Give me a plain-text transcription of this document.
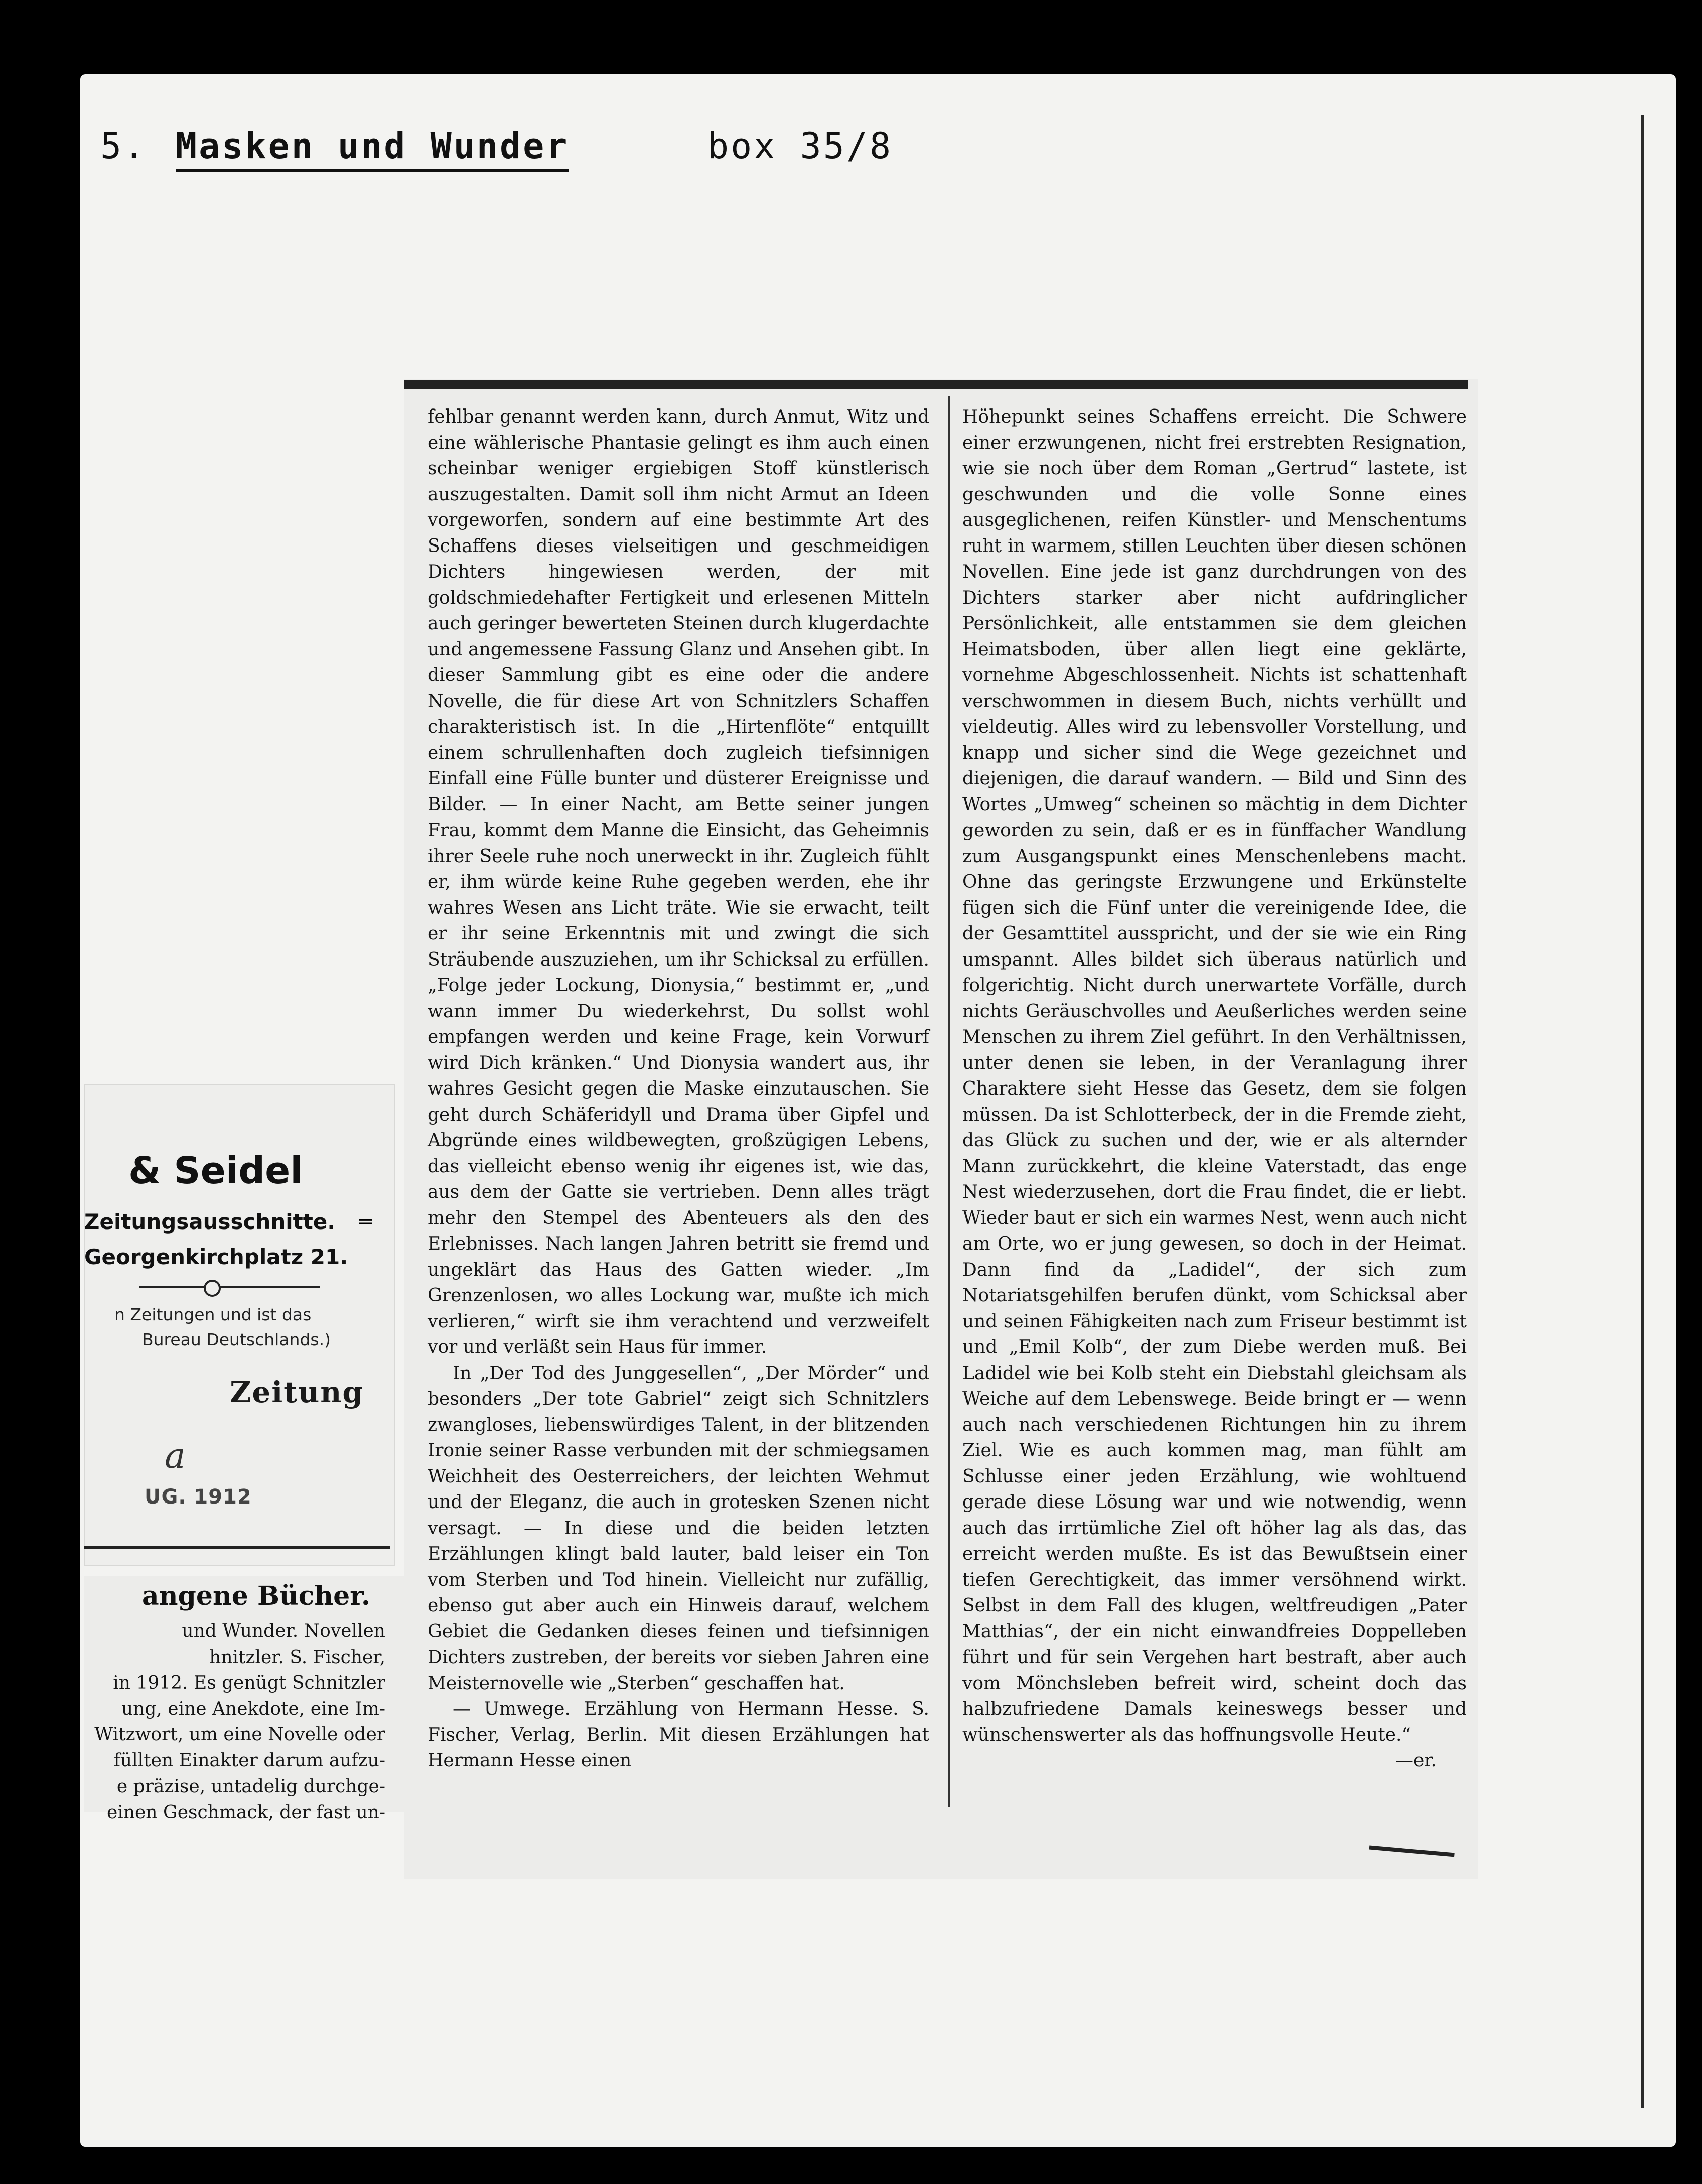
5. Masken und Wunder	box 35/8

fehlbar genannt werden kann, durch Anmut, Witz und eine wählerische Phantasie gelingt es ihm auch einen scheinbar weniger ergiebigen Stoff künstlerisch auszugestalten. Damit soll ihm nicht Armut an Ideen vorgeworfen, sondern auf eine bestimmte Art des Schaffens dieses vielseitigen und geschmeidigen Dichters hingewiesen werden, der mit goldschmiedehafter Fertigkeit und erlesenen Mitteln auch geringer bewerteten Steinen durch klugerdachte und angemessene Fassung Glanz und Ansehen gibt. In dieser Sammlung gibt es eine oder die andere Novelle, die für diese Art von Schnitzlers Schaffen charakteristisch ist. In die „Hirtenflöte“ entquillt einem schrullenhaften doch zugleich tiefsinnigen Einfall eine Fülle bunter und düsterer Ereignisse und Bilder. — In einer Nacht, am Bette seiner jungen Frau, kommt dem Manne die Einsicht, das Geheimnis ihrer Seele ruhe noch unerweckt in ihr. Zugleich fühlt er, ihm würde keine Ruhe gegeben werden, ehe ihr wahres Wesen ans Licht träte. Wie sie erwacht, teilt er ihr seine Erkenntnis mit und zwingt die sich Sträubende auszuziehen, um ihr Schicksal zu erfüllen. „Folge jeder Lockung, Dionysia,“ bestimmt er, „und wann immer Du wiederkehrst, Du sollst wohl empfangen werden und keine Frage, kein Vorwurf wird Dich kränken.“ Und Dionysia wandert aus, ihr wahres Gesicht gegen die Maske einzutauschen. Sie geht durch Schäferidyll und Drama über Gipfel und Abgründe eines wildbewegten, großzügigen Lebens, das vielleicht ebenso wenig ihr eigenes ist, wie das, aus dem der Gatte sie vertrieben. Denn alles trägt mehr den Stempel des Abenteuers als den des Erlebnisses. Nach langen Jahren betritt sie fremd und ungeklärt das Haus des Gatten wieder. „Im Grenzenlosen, wo alles Lockung war, mußte ich mich verlieren,“ wirft sie ihm verachtend und verzweifelt vor und verläßt sein Haus für immer.

In „Der Tod des Junggesellen“, „Der Mörder“ und besonders „Der tote Gabriel“ zeigt sich Schnitzlers zwangloses, liebenswürdiges Talent, in der blitzenden Ironie seiner Rasse verbunden mit der schmiegsamen Weichheit des Oesterreichers, der leichten Wehmut und der Eleganz, die auch in grotesken Szenen nicht versagt. — In diese und die beiden letzten Erzählungen klingt bald lauter, bald leiser ein Ton vom Sterben und Tod hinein. Vielleicht nur zufällig, ebenso gut aber auch ein Hinweis darauf, welchem Gebiet die Gedanken dieses feinen und tiefsinnigen Dichters zustreben, der bereits vor sieben Jahren eine Meisternovelle wie „Sterben“ geschaffen hat.

— Umwege. Erzählung von Hermann Hesse. S. Fischer, Verlag, Berlin. Mit diesen Erzählungen hat Hermann Hesse einen

Höhepunkt seines Schaffens erreicht. Die Schwere einer erzwungenen, nicht frei erstrebten Resignation, wie sie noch über dem Roman „Gertrud“ lastete, ist geschwunden und die volle Sonne eines ausgeglichenen, reifen Künstler- und Menschentums ruht in warmem, stillen Leuchten über diesen schönen Novellen. Eine jede ist ganz durchdrungen von des Dichters starker aber nicht aufdringlicher Persönlichkeit, alle entstammen sie dem gleichen Heimatsboden, über allen liegt eine geklärte, vornehme Abgeschlossenheit. Nichts ist schattenhaft verschwommen in diesem Buch, nichts verhüllt und vieldeutig. Alles wird zu lebensvoller Vorstellung, und knapp und sicher sind die Wege gezeichnet und diejenigen, die darauf wandern. — Bild und Sinn des Wortes „Umweg“ scheinen so mächtig in dem Dichter geworden zu sein, daß er es in fünffacher Wandlung zum Ausgangspunkt eines Menschenlebens macht. Ohne das geringste Erzwungene und Erkünstelte fügen sich die Fünf unter die vereinigende Idee, die der Gesamttitel ausspricht, und der sie wie ein Ring umspannt. Alles bildet sich überaus natürlich und folgerichtig. Nicht durch unerwartete Vorfälle, durch nichts Geräuschvolles und Aeußerliches werden seine Menschen zu ihrem Ziel geführt. In den Verhältnissen, unter denen sie leben, in der Veranlagung ihrer Charaktere sieht Hesse das Gesetz, dem sie folgen müssen. Da ist Schlotterbeck, der in die Fremde zieht, das Glück zu suchen und der, wie er als alternder Mann zurückkehrt, die kleine Vaterstadt, das enge Nest wiederzusehen, dort die Frau findet, die er liebt. Wieder baut er sich ein warmes Nest, wenn auch nicht am Orte, wo er jung gewesen, so doch in der Heimat. Dann find da „Ladidel“, der sich zum Notariatsgehilfen berufen dünkt, vom Schicksal aber und seinen Fähigkeiten nach zum Friseur bestimmt ist und „Emil Kolb“, der zum Diebe werden muß. Bei Ladidel wie bei Kolb steht ein Diebstahl gleichsam als Weiche auf dem Lebenswege. Beide bringt er — wenn auch nach verschiedenen Richtungen hin zu ihrem Ziel. Wie es auch kommen mag, man fühlt am Schlusse einer jeden Erzählung, wie wohltuend gerade diese Lösung war und wie notwendig, wenn auch das irrtümliche Ziel oft höher lag als das, das erreicht werden mußte. Es ist das Bewußtsein einer tiefen Gerechtigkeit, das immer versöhnend wirkt. Selbst in dem Fall des klugen, weltfreudigen „Pater Matthias“, der ein nicht einwandfreies Doppelleben führt und für sein Vergehen hart bestraft, aber auch vom Mönchsleben befreit wird, scheint doch das halbzufriedene Damals keineswegs besser und wünschenswerter als das hoffnungsvolle Heute.“

—er.

& Seidel
Zeitungsausschnitte. ═
Georgenkirchplatz 21.
n Zeitungen und ist das
Bureau Deutschlands.)
Zeitung
a
UG. 1912
angene Bücher.
und Wunder. Novellen
hnitzler. S. Fischer,
in 1912. Es genügt Schnitzler
ung, eine Anekdote, eine Im-
Witzwort, um eine Novelle oder
füllten Einakter darum aufzu-
e präzise, untadelig durchge-
einen Geschmack, der fast un-
